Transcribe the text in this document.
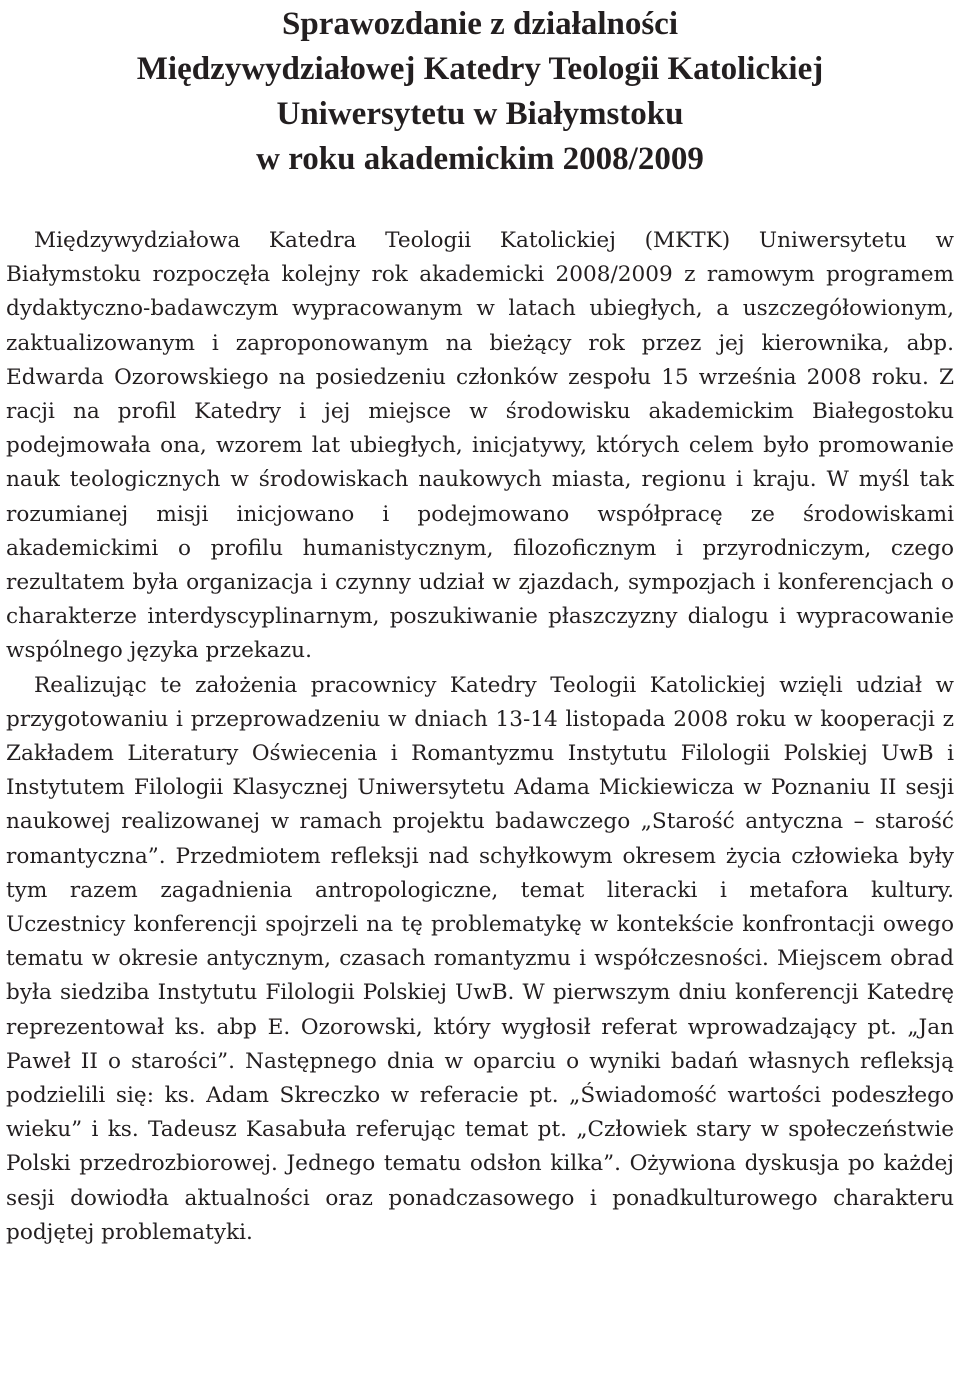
Sprawozdanie z działalności
Międzywydziałowej Katedry Teologii Katolickiej
Uniwersytetu w Białymstoku
w roku akademickim 2008/2009

Międzywydziałowa Katedra Teologii Katolickiej (MKTK) Uniwersytetu w Białymstoku rozpoczęła kolejny rok akademicki 2008/2009 z ramowym programem dydaktyczno-badawczym wypracowanym w latach ubiegłych, a uszczegółowionym, zaktualizowanym i zaproponowanym na bieżący rok przez jej kierownika, abp. Edwarda Ozorowskiego na posiedzeniu członków zespołu 15 września 2008 roku. Z racji na profil Katedry i jej miejsce w środowisku akademickim Białegostoku podejmowała ona, wzorem lat ubiegłych, inicjatywy, których celem było promowanie nauk teologicznych w środowiskach naukowych miasta, regionu i kraju. W myśl tak rozumianej misji inicjowano i podejmowano współpracę ze środowiskami akademickimi o profilu humanistycznym, filozoficznym i przyrodniczym, czego rezultatem była organizacja i czynny udział w zjazdach, sympozjach i konferencjach o charakterze interdyscyplinarnym, poszukiwanie płaszczyzny dialogu i wypracowanie wspólnego języka przekazu.

Realizując te założenia pracownicy Katedry Teologii Katolickiej wzięli udział w przygotowaniu i przeprowadzeniu w dniach 13-14 listopada 2008 roku w kooperacji z Zakładem Literatury Oświecenia i Romantyzmu Instytutu Filologii Polskiej UwB i Instytutem Filologii Klasycznej Uniwersytetu Adama Mickiewicza w Poznaniu II sesji naukowej realizowanej w ramach projektu badawczego „Starość antyczna – starość romantyczna”. Przedmiotem refleksji nad schyłkowym okresem życia człowieka były tym razem zagadnienia antropologiczne, temat literacki i metafora kultury. Uczestnicy konferencji spojrzeli na tę problematykę w kontekście konfrontacji owego tematu w okresie antycznym, czasach romantyzmu i współczesności. Miejscem obrad była siedziba Instytutu Filologii Polskiej UwB. W pierwszym dniu konferencji Katedrę reprezentował ks. abp E. Ozorowski, który wygłosił referat wprowadzający pt. „Jan Paweł II o starości”. Następnego dnia w oparciu o wyniki badań własnych refleksją podzielili się: ks. Adam Skreczko w referacie pt. „Świadomość wartości podeszłego wieku” i ks. Tadeusz Kasabuła referując temat pt. „Człowiek stary w społeczeństwie Polski przedrozbiorowej. Jednego tematu odsłon kilka”. Ożywiona dyskusja po każdej sesji dowiodła aktualności oraz ponadczasowego i ponadkulturowego charakteru podjętej problematyki.
